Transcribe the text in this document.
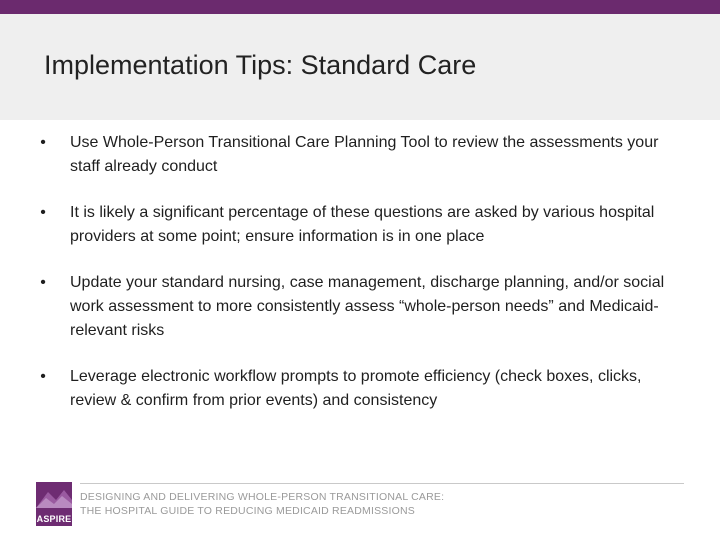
Implementation Tips: Standard Care
• Use Whole-Person Transitional Care Planning Tool to review the assessments your staff already conduct
• It is likely a significant percentage of these questions are asked by various hospital providers at some point; ensure information is in one place
• Update your standard nursing, case management, discharge planning, and/or social work assessment to more consistently assess “whole-person needs” and Medicaid-relevant risks
• Leverage electronic workflow prompts to promote efficiency (check boxes, clicks, review & confirm from prior events) and consistency
ASPIRE
DESIGNING AND DELIVERING WHOLE-PERSON TRANSITIONAL CARE:
THE HOSPITAL GUIDE TO REDUCING MEDICAID READMISSIONS
